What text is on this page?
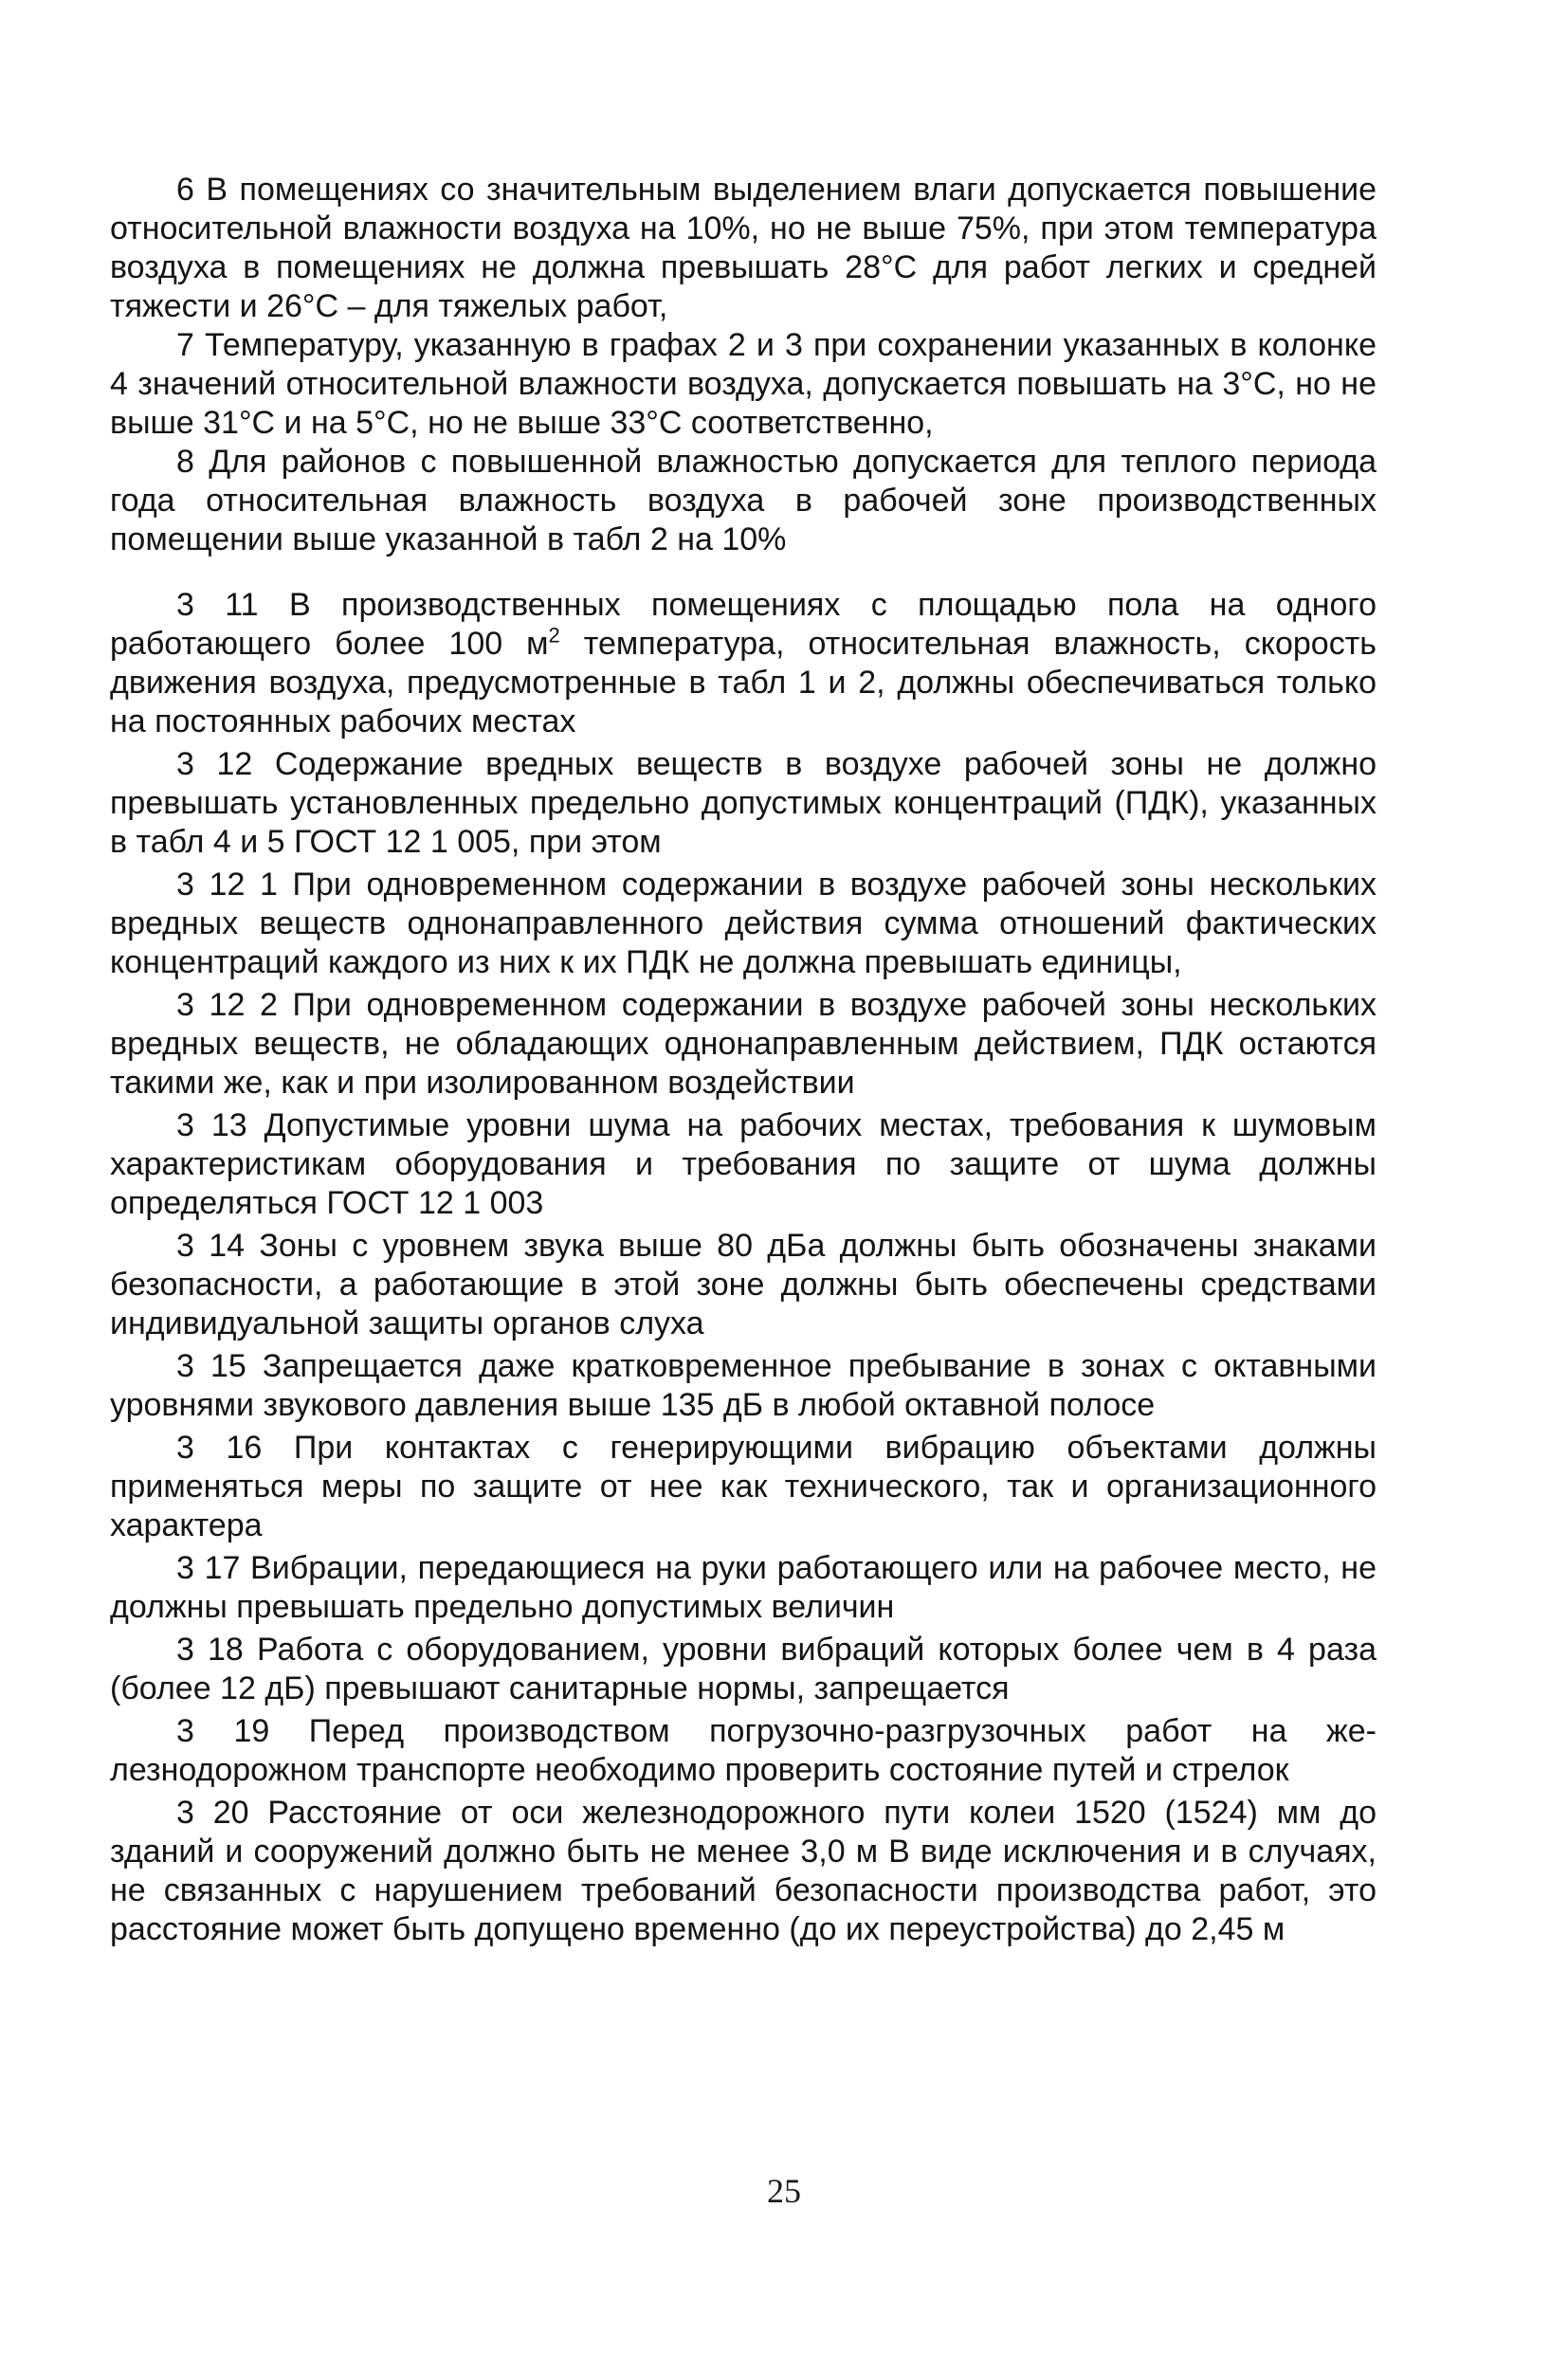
6 В помещениях со значительным выделением влаги допускается повышение относительной влажности воздуха на 10%, но не выше 75%, при этом температура воздуха в помещениях не должна превышать 28°С для работ легких и средней тяжести и 26°С – для тяжелых работ,

7 Температуру, указанную в графах 2 и 3 при сохранении указанных в колонке 4 значений относительной влажности воздуха, допускается повышать на 3°С, но не выше 31°С и на 5°С, но не выше 33°С соответственно,

8 Для районов с повышенной влажностью допускается для теплого периода года относительная влажность воздуха в рабочей зоне производственных помещении выше указанной в табл 2 на 10%

3 11 В производственных помещениях с площадью пола на одного работающего более 100 $м^2$ температура, относительная влажность, скорость движения воздуха, предусмотренные в табл 1 и 2, должны обеспечиваться только на постоянных рабочих местах

3 12 Содержание вредных веществ в воздухе рабочей зоны не должно превышать установленных предельно допустимых концентраций (ПДК), указанных в табл 4 и 5 ГОСТ 12 1 005, при этом

3 12 1 При одновременном содержании в воздухе рабочей зоны нескольких вредных веществ однонаправленного действия сумма отношений фактических концентраций каждого из них к их ПДК не должна превышать единицы,

3 12 2 При одновременном содержании в воздухе рабочей зоны нескольких вредных веществ, не обладающих однонаправленным действием, ПДК остаются такими же, как и при изолированном воздействии

3 13 Допустимые уровни шума на рабочих местах, требования к шумовым характеристикам оборудования и требования по защите от шума должны определяться ГОСТ 12 1 003

3 14 Зоны с уровнем звука выше 80 дБа должны быть обозначены знаками безопасности, а работающие в этой зоне должны быть обеспечены средствами индивидуальной защиты органов слуха

3 15 Запрещается даже кратковременное пребывание в зонах с октавными уровнями звукового давления выше 135 дБ в любой октавной полосе

3 16 При контактах с генерирующими вибрацию объектами должны применяться меры по защите от нее как технического, так и организационного характера

3 17 Вибрации, передающиеся на руки работающего или на рабочее место, не должны превышать предельно допустимых величин

3 18 Работа с оборудованием, уровни вибраций которых более чем в 4 раза (более 12 дБ) превышают санитарные нормы, запрещается

3 19 Перед производством погрузочно-разгрузочных работ на железнодорожном транспорте необходимо проверить состояние путей и стрелок

3 20 Расстояние от оси железнодорожного пути колеи 1520 (1524) мм до зданий и сооружений должно быть не менее 3,0 м В виде исключения и в случаях, не связанных с нарушением требований безопасности производства работ, это расстояние может быть допущено временно (до их переустройства) до 2,45 м

25
